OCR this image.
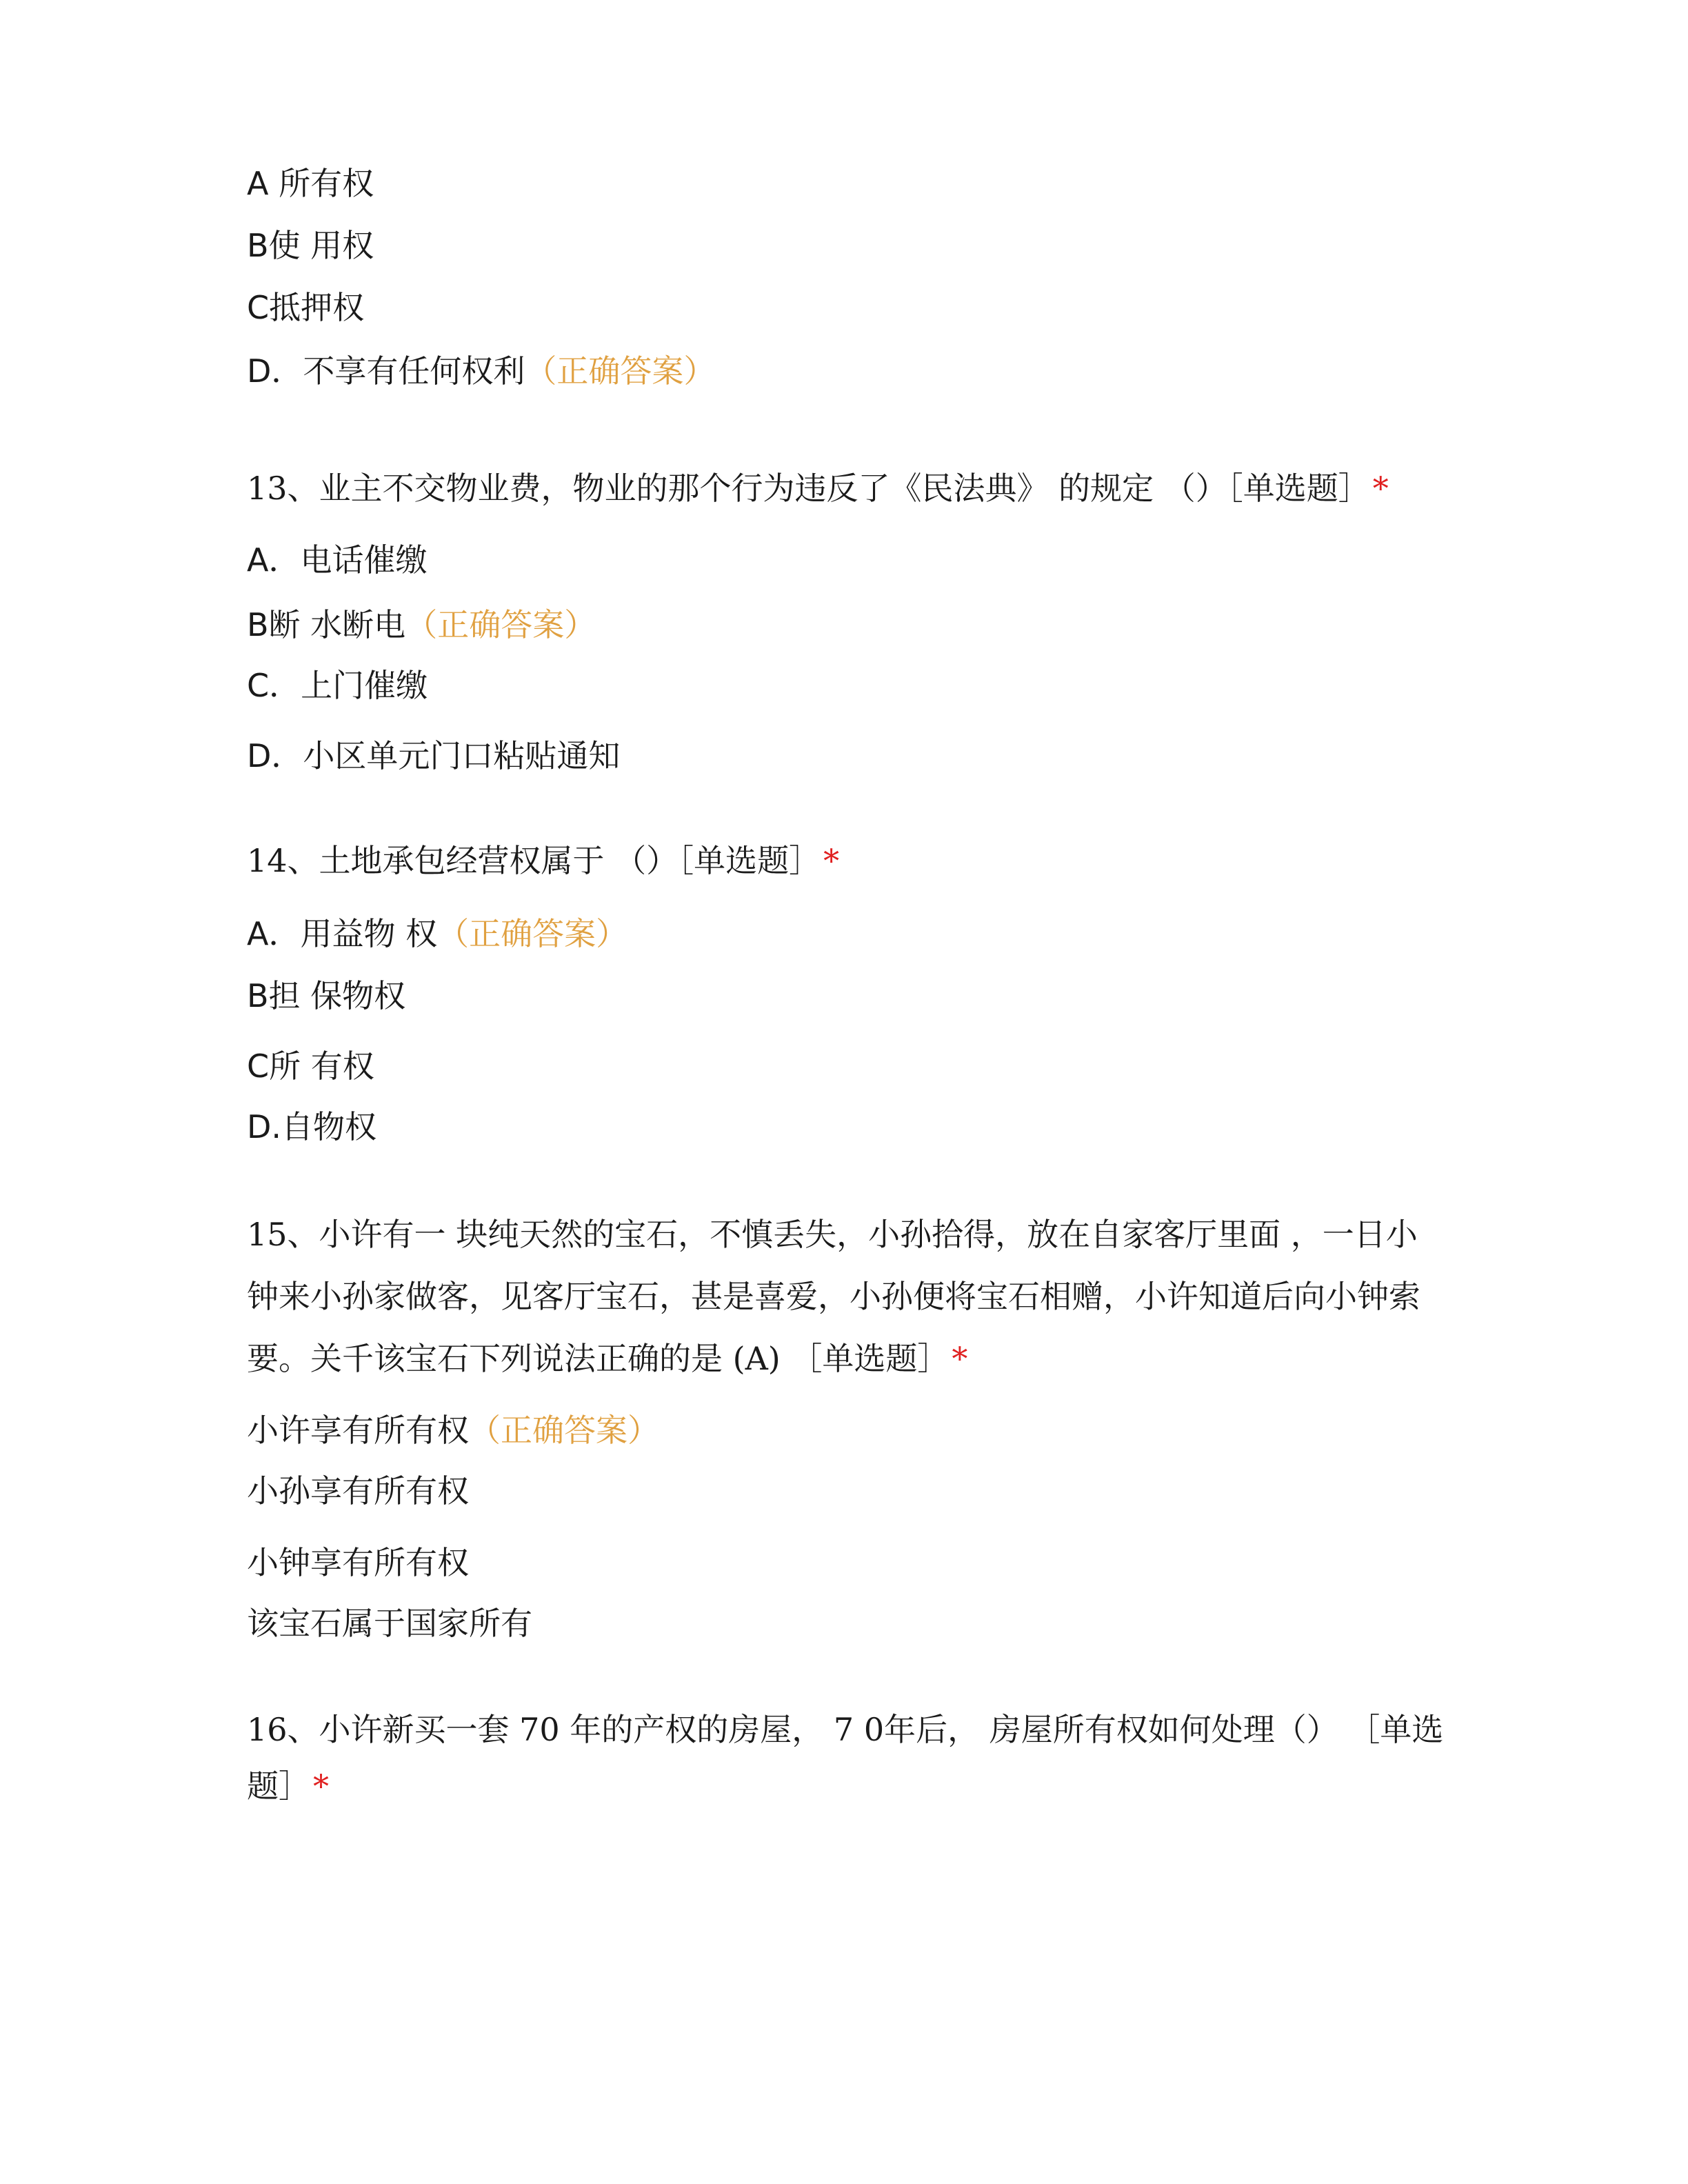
A 所有权
B使 用权
C抵押权
D．不享有任何权利（正确答案）
13、业主不交物业费，物业的那个行为违反了《民法典》 的规定 （）［单选题］*
A．电话催缴
B断 水断电（正确答案）
C．上门催缴
D．小区单元门口粘贴通知
14、土地承包经营权属于 （）［单选题］*
A．用益物 权（正确答案）
B担 保物权
C所 有权
D.自物权
15、小许有一 块纯天然的宝石，不慎丢失，小孙拾得，放在自家客厅里面 ，一日小
钟来小孙家做客，见客厅宝石，甚是喜爱，小孙便将宝石相赠，小许知道后向小钟索
要。关千该宝石下列说法正确的是 (A) ［单选题］*
小许享有所有权（正确答案）
小孙享有所有权
小钟享有所有权
该宝石属于国家所有
16、小许新买一套 70 年的产权的房屋， 7 0年后， 房屋所有权如何处理（） ［单选
题］*
